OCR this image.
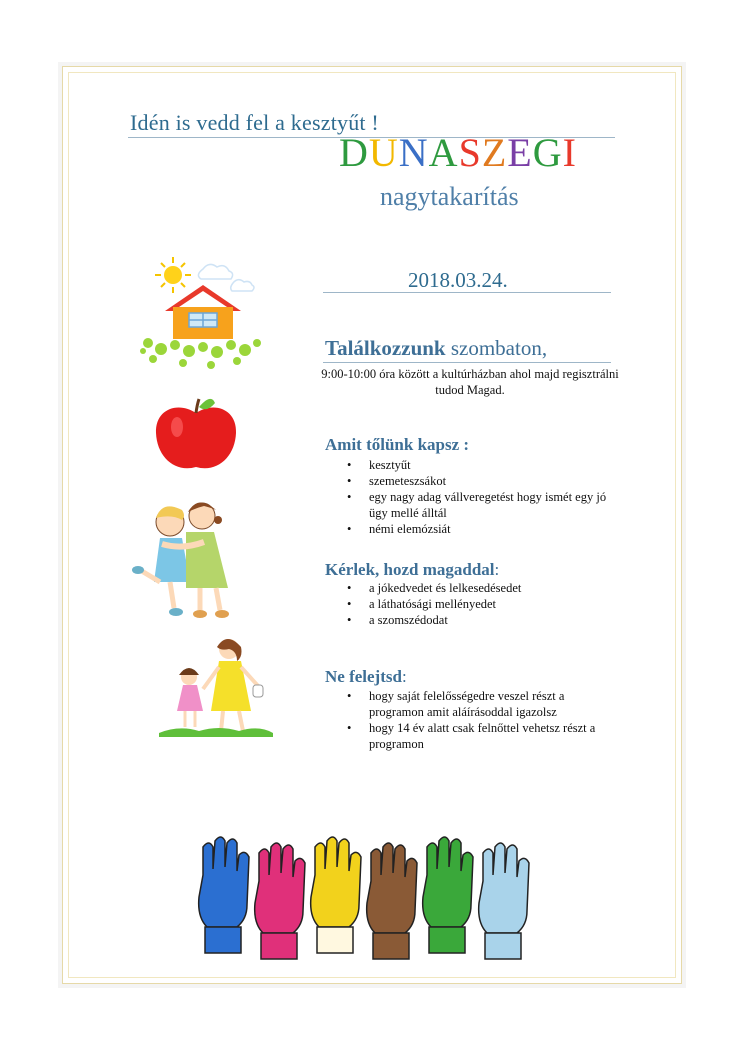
Idén is vedd fel a kesztyűt !
DUNASZEGI
nagytakarítás
2018.03.24.
Találkozzunk szombaton,
9:00-10:00 óra között a kultúrházban ahol majd regisztrálni tudod Magad.
Amit tőlünk kapsz :
• kesztyűt
• szemeteszsákot
• egy nagy adag vállveregetést hogy ismét egy jó ügy mellé álltál
• némi elemózsiát
Kérlek, hozd magaddal:
• a jókedvedet és lelkesedésedet
• a láthatósági mellényedet
• a szomszédodat
Ne felejtsd:
• hogy saját felelősségedre veszel részt a programon amit aláírásoddal igazolsz
• hogy 14 év alatt csak felnőttel vehetsz részt a programon
